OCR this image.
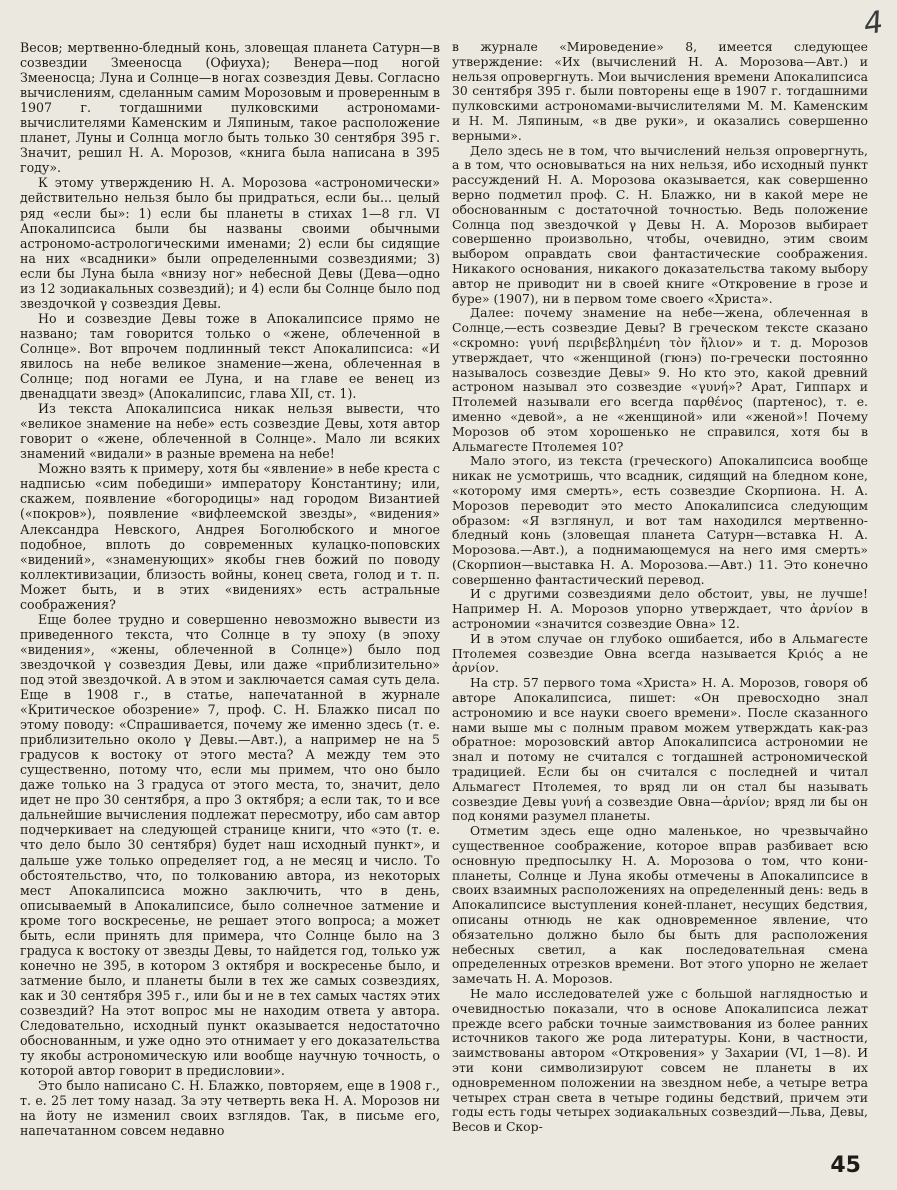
4

Весов; мертвенно-бледный конь, зловещая планета Сатурн—в созвездии Змееносца (Офиуха); Венера—под ногой Змееносца; Луна и Солнце—в ногах созвездия Девы. Согласно вычислениям, сделанным самим Морозовым и проверенным в 1907 г. тогдашними пулковскими астрономами-вычислителями Каменским и Ляпиным, такое расположение планет, Луны и Солнца могло быть только 30 сентября 395 г. Значит, решил Н. А. Морозов, «книга была написана в 395 году».

К этому утверждению Н. А. Морозова «астрономически» действительно нельзя было бы придраться, если бы... целый ряд «если бы»: 1) если бы планеты в стихах 1—8 гл. VI Апокалипсиса были бы названы своими обычными астрономо-астрологическими именами; 2) если бы сидящие на них «всадники» были определенными созвездиями; 3) если бы Луна была «внизу ног» небесной Девы (Дева—одно из 12 зодиакальных созвездий); и 4) если бы Солнце было под звездочкой γ созвездия Девы.

Но и созвездие Девы тоже в Апокалипсисе прямо не названо; там говорится только о «жене, облеченной в Солнце». Вот впрочем подлинный текст Апокалипсиса: «И явилось на небе великое знамение—жена, облеченная в Солнце; под ногами ее Луна, и на главе ее венец из двенадцати звезд» (Апокалипсис, глава XII, ст. 1).

Из текста Апокалипсиса никак нельзя вывести, что «великое знамение на небе» есть созвездие Девы, хотя автор говорит о «жене, облеченной в Солнце». Мало ли всяких знамений «видали» в разные времена на небе!

Можно взять к примеру, хотя бы «явление» в небе креста с надписью «сим победиши» императору Константину; или, скажем, появление «богородицы» над городом Византией («покров»), появление «вифлеемской звезды», «видения» Александра Невского, Андрея Боголюбского и многое подобное, вплоть до современных кулацко-поповских «видений», «знаменующих» якобы гнев божий по поводу коллективизации, близость войны, конец света, голод и т. п. Может быть, и в этих «видениях» есть астральные соображения?

Еще более трудно и совершенно невозможно вывести из приведенного текста, что Солнце в ту эпоху (в эпоху «видения», «жены, облеченной в Солнце») было под звездочкой γ созвездия Девы, или даже «приблизительно» под этой звездочкой. А в этом и заключается самая суть дела. Еще в 1908 г., в статье, напечатанной в журнале «Критическое обозрение» 7, проф. С. Н. Блажко писал по этому поводу: «Спрашивается, почему же именно здесь (т. е. приблизительно около γ Девы.—Авт.), а например не на 5 градусов к востоку от этого места? А между тем это существенно, потому что, если мы примем, что оно было даже только на 3 градуса от этого места, то, значит, дело идет не про 30 сентября, а про 3 октября; а если так, то и все дальнейшие вычисления подлежат пересмотру, ибо сам автор подчеркивает на следующей странице книги, что «это (т. е. что дело было 30 сентября) будет наш исходный пункт», и дальше уже только определяет год, а не месяц и число. То обстоятельство, что, по толкованию автора, из некоторых мест Апокалипсиса можно заключить, что в день, описываемый в Апокалипсисе, было солнечное затмение и кроме того воскресенье, не решает этого вопроса; а может быть, если принять для примера, что Солнце было на 3 градуса к востоку от звезды Девы, то найдется год, только уж конечно не 395, в котором 3 октября и воскресенье было, и затмение было, и планеты были в тех же самых созвездиях, как и 30 сентября 395 г., или бы и не в тех самых частях этих созвездий? На этот вопрос мы не находим ответа у автора. Следовательно, исходный пункт оказывается недостаточно обоснованным, и уже одно это отнимает у его доказательства ту якобы астрономическую или вообще научную точность, о которой автор говорит в предисловии».

Это было написано С. Н. Блажко, повторяем, еще в 1908 г., т. е. 25 лет тому назад. За эту четверть века Н. А. Морозов ни на йоту не изменил своих взглядов. Так, в письме его, напечатанном совсем недавно

в журнале «Мироведение» 8, имеется следующее утверждение: «Их (вычислений Н. А. Морозова—Авт.) и нельзя опровергнуть. Мои вычисления времени Апокалипсиса 30 сентября 395 г. были повторены еще в 1907 г. тогдашними пулковскими астрономами-вычислителями М. М. Каменским и Н. М. Ляпиным, «в две руки», и оказались совершенно верными».

Дело здесь не в том, что вычислений нельзя опровергнуть, а в том, что основываться на них нельзя, ибо исходный пункт рассуждений Н. А. Морозова оказывается, как совершенно верно подметил проф. С. Н. Блажко, ни в какой мере не обоснованным с достаточной точностью. Ведь положение Солнца под звездочкой γ Девы Н. А. Морозов выбирает совершенно произвольно, чтобы, очевидно, этим своим выбором оправдать свои фантастические соображения. Никакого основания, никакого доказательства такому выбору автор не приводит ни в своей книге «Откровение в грозе и буре» (1907), ни в первом томе своего «Христа».

Далее: почему знамение на небе—жена, облеченная в Солнце,—есть созвездие Девы? В греческом тексте сказано «скромно: γυνή περιβεβλημένη τὸν ἥλιον» и т. д. Морозов утверждает, что «женщиной (гюнэ) по-гречески постоянно называлось созвездие Девы» 9. Но кто это, какой древний астроном называл это созвездие «γυνή»? Арат, Гиппарх и Птолемей называли его всегда παρθένος (партенос), т. е. именно «девой», а не «женщиной» или «женой»! Почему Морозов об этом хорошенько не справился, хотя бы в Альмагесте Птолемея 10?

Мало этого, из текста (греческого) Апокалипсиса вообще никак не усмотришь, что всадник, сидящий на бледном коне, «которому имя смерть», есть созвездие Скорпиона. Н. А. Морозов переводит это место Апокалипсиса следующим образом: «Я взглянул, и вот там находился мертвенно-бледный конь (зловещая планета Сатурн—вставка Н. А. Морозова.—Авт.), а поднимающемуся на него имя смерть» (Скорпион—выставка Н. А. Морозова.—Авт.) 11. Это конечно совершенно фантастический перевод.

И с другими созвездиями дело обстоит, увы, не лучше! Например Н. А. Морозов упорно утверждает, что ἀρνίον в астрономии «значится созвездие Овна» 12.

И в этом случае он глубоко ошибается, ибо в Альмагесте Птолемея созвездие Овна всегда называется Κριός а не ἀρνίον.

На стр. 57 первого тома «Христа» Н. А. Морозов, говоря об авторе Апокалипсиса, пишет: «Он превосходно знал астрономию и все науки своего времени». После сказанного нами выше мы с полным правом можем утверждать как-раз обратное: морозовский автор Апокалипсиса астрономии не знал и потому не считался с тогдашней астрономической традицией. Если бы он считался с последней и читал Альмагест Птолемея, то вряд ли он стал бы называть созвездие Девы γυνή а созвездие Овна—ἀρνίον; вряд ли бы он под конями разумел планеты.

Отметим здесь еще одно маленькое, но чрезвычайно существенное соображение, которое вправ разбивает всю основную предпосылку Н. А. Морозова о том, что кони-планеты, Солнце и Луна якобы отмечены в Апокалипсисе в своих взаимных расположениях на определенный день: ведь в Апокалипсисе выступления коней-планет, несущих бедствия, описаны отнюдь не как одновременное явление, что обязательно должно было бы быть для расположения небесных светил, а как последовательная смена определенных отрезков времени. Вот этого упорно не желает замечать Н. А. Морозов.

Не мало исследователей уже с большой наглядностью и очевидностью показали, что в основе Апокалипсиса лежат прежде всего рабски точные заимствования из более ранних источников такого же рода литературы. Кони, в частности, заимствованы автором «Откровения» у Захарии (VI, 1—8). И эти кони символизируют совсем не планеты в их одновременном положении на звездном небе, а четыре ветра четырех стран света в четыре годины бедствий, причем эти годы есть годы четырех зодиакальных созвездий—Льва, Девы, Весов и Скор-

45
